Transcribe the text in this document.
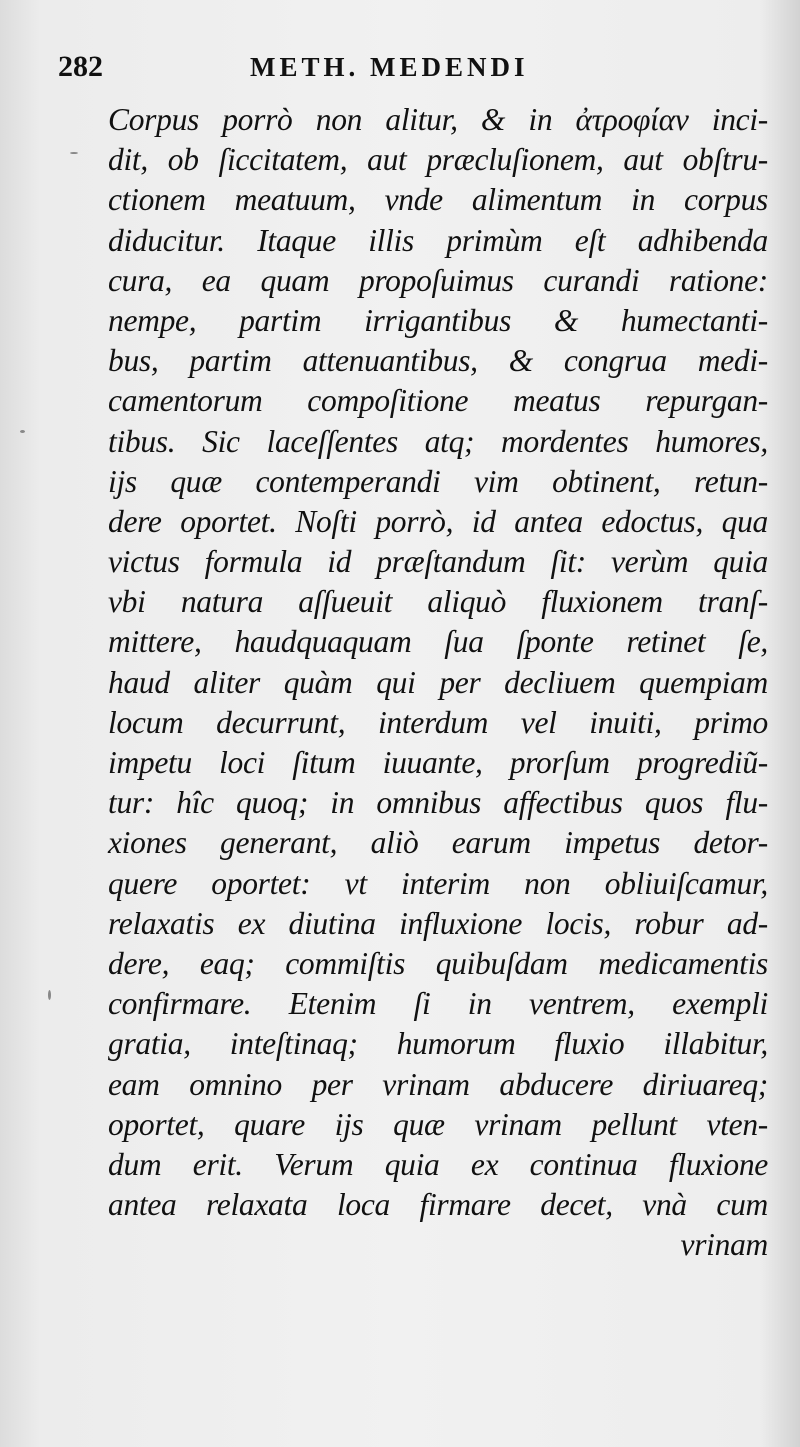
282	METH. MEDENDI
Corpus porrò non alitur, & in ἀτροφίαν inci-
dit, ob ſiccitatem, aut præcluſionem, aut obſtru-
ctionem meatuum, vnde alimentum in corpus
diducitur. Itaque illis primùm eſt adhibenda
cura, ea quam propoſuimus curandi ratione:
nempe, partim irrigantibus & humectanti-
bus, partim attenuantibus, & congrua medi-
camentorum compoſitione meatus repurgan-
tibus. Sic laceſſentes atq; mordentes humores,
ijs quæ contemperandi vim obtinent, retun-
dere oportet. Noſti porrò, id antea edoctus, qua
victus formula id præſtandum ſit: verùm quia
vbi natura aſſueuit aliquò fluxionem tranſ-
mittere, haudquaquam ſua ſponte retinet ſe,
haud aliter quàm qui per decliuem quempiam
locum decurrunt, interdum vel inuiti, primo
impetu loci ſitum iuuante, prorſum progrediũ-
tur: hîc quoq; in omnibus affectibus quos flu-
xiones generant, aliò earum impetus detor-
quere oportet: vt interim non obliuiſcamur,
relaxatis ex diutina influxione locis, robur ad-
dere, eaq; commiſtis quibuſdam medicamentis
confirmare. Etenim ſi in ventrem, exempli
gratia, inteſtinaq; humorum fluxio illabitur,
eam omnino per vrinam abducere diriuareq;
oportet, quare ijs quæ vrinam pellunt vten-
dum erit. Verum quia ex continua fluxione
antea relaxata loca firmare decet, vnà cum
vrinam
